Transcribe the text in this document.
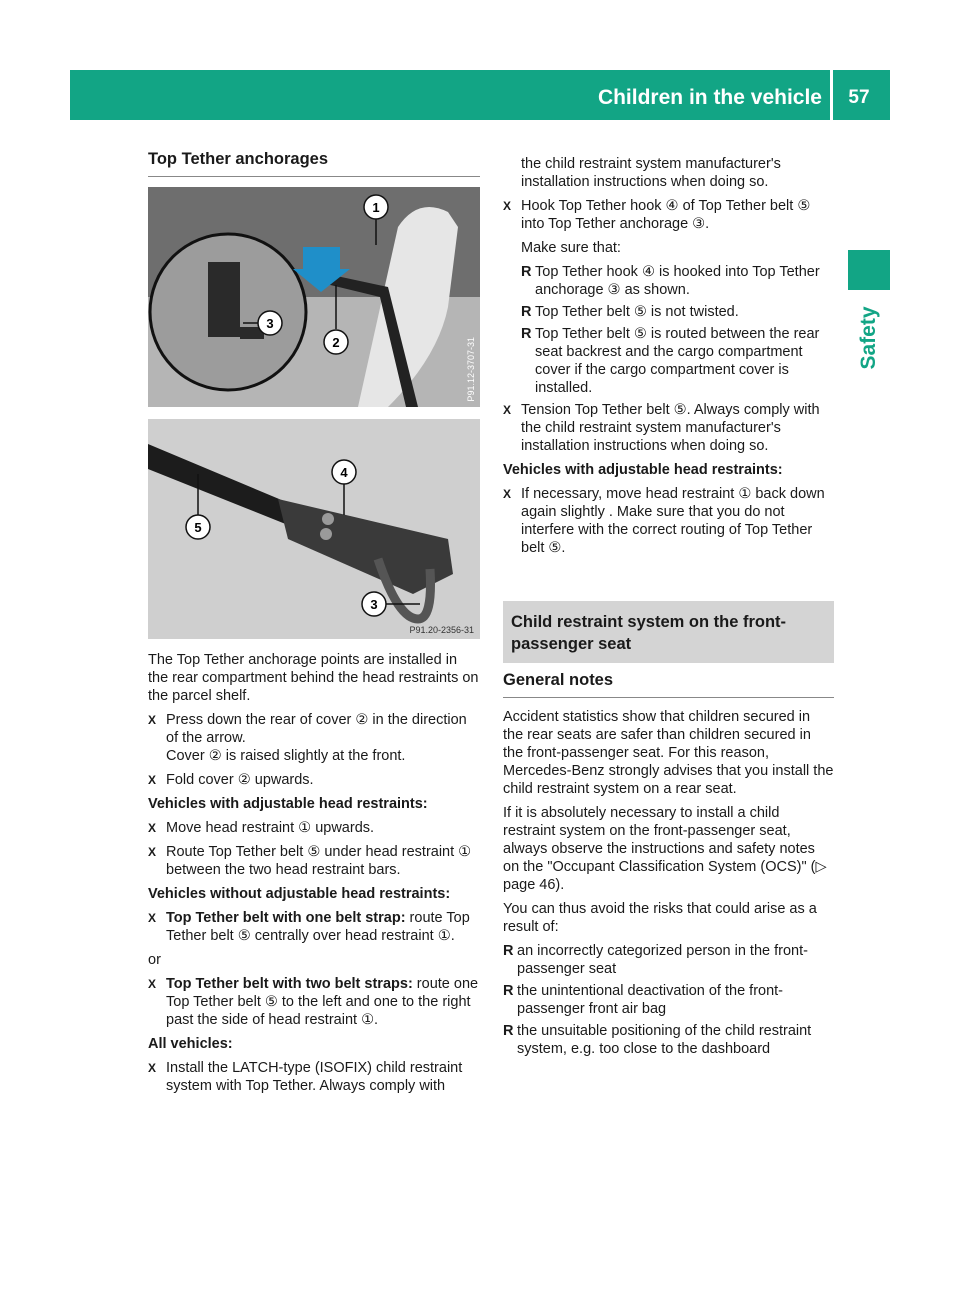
Children in the vehicle	57
Safety
Top Tether anchorages
1
2
3
P91.12-3707-31
4
5
3
P91.20-2356-31

The Top Tether anchorage points are installed in the rear compartment behind the head restraints on the parcel shelf.

X Press down the rear of cover ② in the direction of the arrow.
Cover ② is raised slightly at the front.
X Fold cover ② upwards.
Vehicles with adjustable head restraints:
X Move head restraint ① upwards.
X Route Top Tether belt ⑤ under head restraint ① between the two head restraint bars.
Vehicles without adjustable head restraints:
X Top Tether belt with one belt strap: route Top Tether belt ⑤ centrally over head restraint ①.

or

X Top Tether belt with two belt straps: route one Top Tether belt ⑤ to the left and one to the right past the side of head restraint ①.
All vehicles:
X Install the LATCH-type (ISOFIX) child restraint system with Top Tether. Always comply with

the child restraint system manufacturer's installation instructions when doing so.

X Hook Top Tether hook ④ of Top Tether belt ⑤ into Top Tether anchorage ③.

Make sure that:

R Top Tether hook ④ is hooked into Top Tether anchorage ③ as shown.
R Top Tether belt ⑤ is not twisted.
R Top Tether belt ⑤ is routed between the rear seat backrest and the cargo compartment cover if the cargo compartment cover is installed.
X Tension Top Tether belt ⑤. Always comply with the child restraint system manufacturer's installation instructions when doing so.
Vehicles with adjustable head restraints:
X If necessary, move head restraint ① back down again slightly . Make sure that you do not interfere with the correct routing of Top Tether belt ⑤.
Child restraint system on the front-passenger seat
General notes

Accident statistics show that children secured in the rear seats are safer than children secured in the front-passenger seat. For this reason, Mercedes-Benz strongly advises that you install the child restraint system on a rear seat.

If it is absolutely necessary to install a child restraint system on the front-passenger seat, always observe the instructions and safety notes on the "Occupant Classification System (OCS)" (▷ page 46).

You can thus avoid the risks that could arise as a result of:

R an incorrectly categorized person in the front-passenger seat
R the unintentional deactivation of the front-passenger front air bag
R the unsuitable positioning of the child restraint system, e.g. too close to the dashboard
